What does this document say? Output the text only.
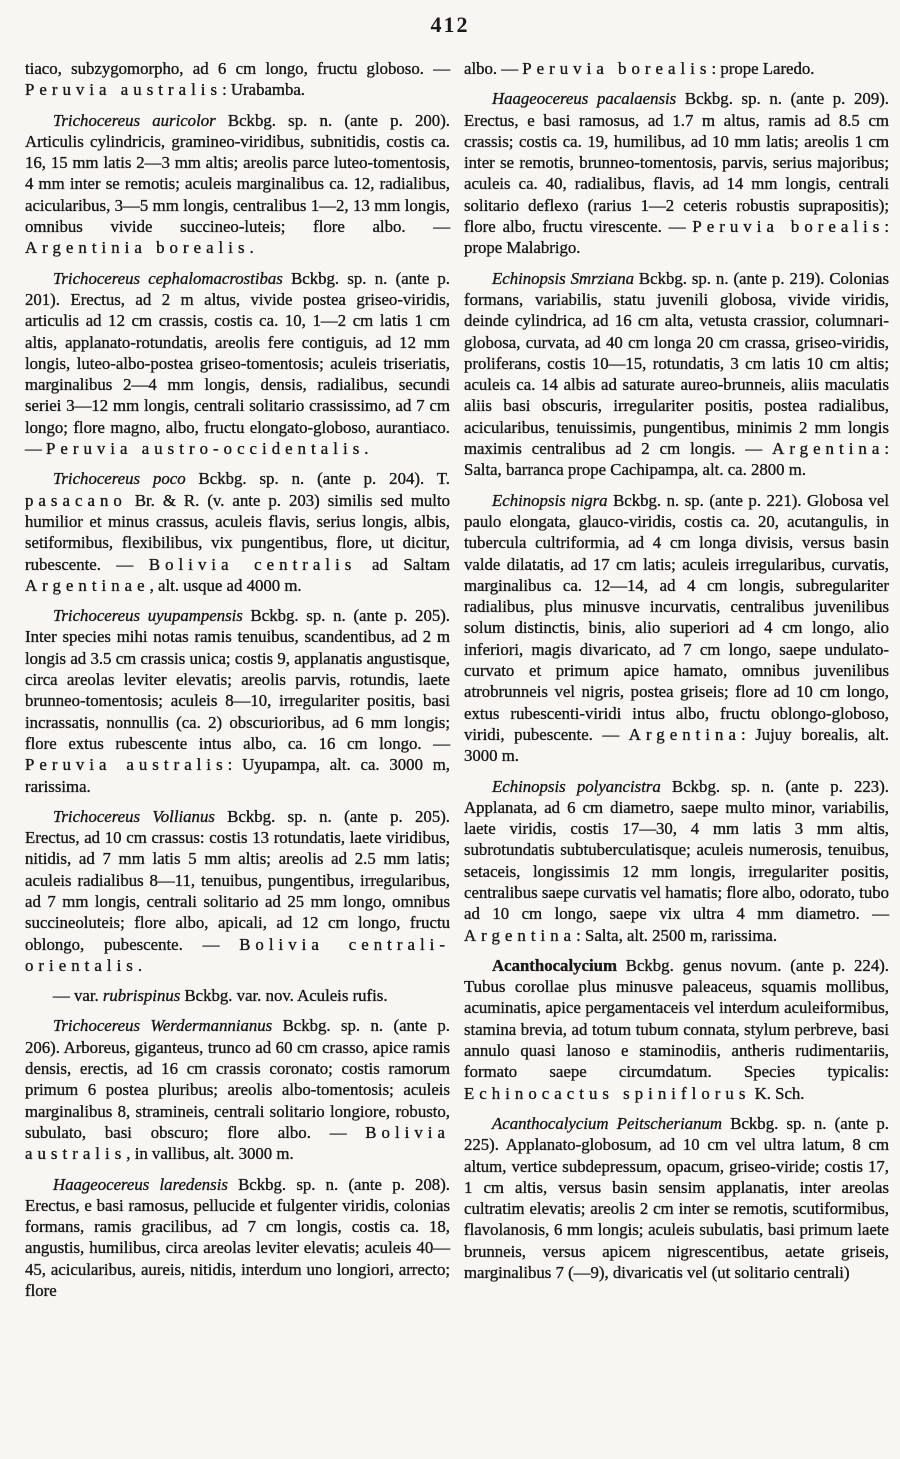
412

tiaco, subzygomorpho, ad 6 cm longo, fructu globoso. — Peruvia australis: Urabamba.

Trichocereus auricolor Bckbg. sp. n. (ante p. 200). Articulis cylindricis, gramineo-viridibus, subnitidis, costis ca. 16, 15 mm latis 2—3 mm altis; areolis parce luteo-tomentosis, 4 mm inter se remotis; aculeis marginalibus ca. 12, radialibus, acicularibus, 3—5 mm longis, centralibus 1—2, 13 mm longis, omnibus vivide succineo-luteis; flore albo. — Argentinia borealis.

Trichocereus cephalomacrostibas Bckbg. sp. n. (ante p. 201). Erectus, ad 2 m altus, vivide postea griseo-viridis, articulis ad 12 cm crassis, costis ca. 10, 1—2 cm latis 1 cm altis, applanato-rotundatis, areolis fere contiguis, ad 12 mm longis, luteo-albo-postea griseo-tomentosis; aculeis triseriatis, marginalibus 2—4 mm longis, densis, radialibus, secundi seriei 3—12 mm longis, centrali solitario crassissimo, ad 7 cm longo; flore magno, albo, fructu elongato-globoso, aurantiaco. — Peruvia austro-occidentalis.

Trichocereus poco Bckbg. sp. n. (ante p. 204). T. pasacano Br. & R. (v. ante p. 203) similis sed multo humilior et minus crassus, aculeis flavis, serius longis, albis, setiformibus, flexibilibus, vix pungentibus, flore, ut dicitur, rubescente. — Bolivia centralis ad Saltam Argentinae, alt. usque ad 4000 m.

Trichocereus uyupampensis Bckbg. sp. n. (ante p. 205). Inter species mihi notas ramis tenuibus, scandentibus, ad 2 m longis ad 3.5 cm crassis unica; costis 9, applanatis angustisque, circa areolas leviter elevatis; areolis parvis, rotundis, laete brunneo-tomentosis; aculeis 8—10, irregulariter positis, basi incrassatis, nonnullis (ca. 2) obscurioribus, ad 6 mm longis; flore extus rubescente intus albo, ca. 16 cm longo. — Peruvia australis: Uyupampa, alt. ca. 3000 m, rarissima.

Trichocereus Vollianus Bckbg. sp. n. (ante p. 205). Erectus, ad 10 cm crassus: costis 13 rotundatis, laete viridibus, nitidis, ad 7 mm latis 5 mm altis; areolis ad 2.5 mm latis; aculeis radialibus 8—11, tenuibus, pungentibus, irregularibus, ad 7 mm longis, centrali solitario ad 25 mm longo, omnibus succineoluteis; flore albo, apicali, ad 12 cm longo, fructu oblongo, pubescente. — Bolivia centrali-orientalis.

— var. rubrispinus Bckbg. var. nov. Aculeis rufis.

Trichocereus Werdermannianus Bckbg. sp. n. (ante p. 206). Arboreus, giganteus, trunco ad 60 cm crasso, apice ramis densis, erectis, ad 16 cm crassis coronato; costis ramorum primum 6 postea pluribus; areolis albo-tomentosis; aculeis marginalibus 8, stramineis, centrali solitario longiore, robusto, subulato, basi obscuro; flore albo. — Bolivia australis, in vallibus, alt. 3000 m.

Haageocereus laredensis Bckbg. sp. n. (ante p. 208). Erectus, e basi ramosus, pellucide et fulgenter viridis, colonias formans, ramis gracilibus, ad 7 cm longis, costis ca. 18, angustis, humilibus, circa areolas leviter elevatis; aculeis 40—45, acicularibus, aureis, nitidis, interdum uno longiori, arrecto; flore

albo. — Peruvia borealis: prope Laredo.

Haageocereus pacalaensis Bckbg. sp. n. (ante p. 209). Erectus, e basi ramosus, ad 1.7 m altus, ramis ad 8.5 cm crassis; costis ca. 19, humilibus, ad 10 mm latis; areolis 1 cm inter se remotis, brunneo-tomentosis, parvis, serius majoribus; aculeis ca. 40, radialibus, flavis, ad 14 mm longis, centrali solitario deflexo (rarius 1—2 ceteris robustis suprapositis); flore albo, fructu virescente. — Peruvia borealis: prope Malabrigo.

Echinopsis Smrziana Bckbg. sp. n. (ante p. 219). Colonias formans, variabilis, statu juvenili globosa, vivide viridis, deinde cylindrica, ad 16 cm alta, vetusta crassior, columnari-globosa, curvata, ad 40 cm longa 20 cm crassa, griseo-viridis, proliferans, costis 10—15, rotundatis, 3 cm latis 10 cm altis; aculeis ca. 14 albis ad saturate aureo-brunneis, aliis maculatis aliis basi obscuris, irregulariter positis, postea radialibus, acicularibus, tenuissimis, pungentibus, minimis 2 mm longis maximis centralibus ad 2 cm longis. — Argentina: Salta, barranca prope Cachipampa, alt. ca. 2800 m.

Echinopsis nigra Bckbg. n. sp. (ante p. 221). Globosa vel paulo elongata, glauco-viridis, costis ca. 20, acutangulis, in tubercula cultriformia, ad 4 cm longa divisis, versus basin valde dilatatis, ad 17 cm latis; aculeis irregularibus, curvatis, marginalibus ca. 12—14, ad 4 cm longis, subregulariter radialibus, plus minusve incurvatis, centralibus juvenilibus solum distinctis, binis, alio superiori ad 4 cm longo, alio inferiori, magis divaricato, ad 7 cm longo, saepe undulato-curvato et primum apice hamato, omnibus juvenilibus atrobrunneis vel nigris, postea griseis; flore ad 10 cm longo, extus rubescenti-viridi intus albo, fructu oblongo-globoso, viridi, pubescente. — Argentina: Jujuy borealis, alt. 3000 m.

Echinopsis polyancistra Bckbg. sp. n. (ante p. 223). Applanata, ad 6 cm diametro, saepe multo minor, variabilis, laete viridis, costis 17—30, 4 mm latis 3 mm altis, subrotundatis subtuberculatisque; aculeis numerosis, tenuibus, setaceis, longissimis 12 mm longis, irregulariter positis, centralibus saepe curvatis vel hamatis; flore albo, odorato, tubo ad 10 cm longo, saepe vix ultra 4 mm diametro. — Argentina: Salta, alt. 2500 m, rarissima.

Acanthocalycium Bckbg. genus novum. (ante p. 224). Tubus corollae plus minusve paleaceus, squamis mollibus, acuminatis, apice pergamentaceis vel interdum aculeiformibus, stamina brevia, ad totum tubum connata, stylum perbreve, basi annulo quasi lanoso e staminodiis, antheris rudimentariis, formato saepe circumdatum. Species typicalis: Echinocactus spiniflorus K. Sch.

Acanthocalycium Peitscherianum Bckbg. sp. n. (ante p. 225). Applanato-globosum, ad 10 cm vel ultra latum, 8 cm altum, vertice subdepressum, opacum, griseo-viride; costis 17, 1 cm altis, versus basin sensim applanatis, inter areolas cultratim elevatis; areolis 2 cm inter se remotis, scutiformibus, flavolanosis, 6 mm longis; aculeis subulatis, basi primum laete brunneis, versus apicem nigrescentibus, aetate griseis, marginalibus 7 (—9), divaricatis vel (ut solitario centrali)
